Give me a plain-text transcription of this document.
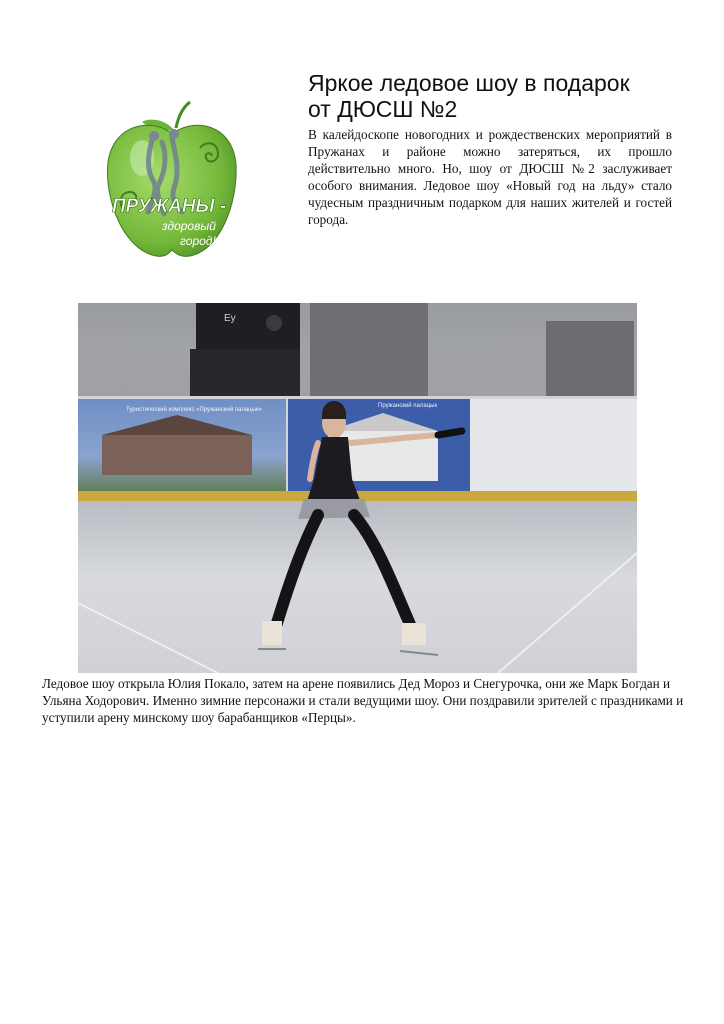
ПРУЖАНЫ -
здоровый
город!
Яркое ледовое шоу в подарок
от ДЮСШ №2

В калейдоскопе новогодних и рождественских мероприятий в Пружанах и районе можно затеряться, их прошло действительно много. Но, шоу от ДЮСШ №2 заслуживает особого внимания. Ледовое шоу «Новый год на льду» стало чудесным праздничным подарком для наших жителей и гостей города.

Ey
Туристический комплекс «Пружанский палацык»
Пружанский палацык

Ледовое шоу открыла Юлия Покало, затем на арене появились Дед Мороз и Снегурочка, они же Марк Богдан и Ульяна Ходорович. Именно зимние персонажи и стали ведущими шоу. Они поздравили зрителей с праздниками и уступили арену минскому шоу барабанщиков «Перцы».
